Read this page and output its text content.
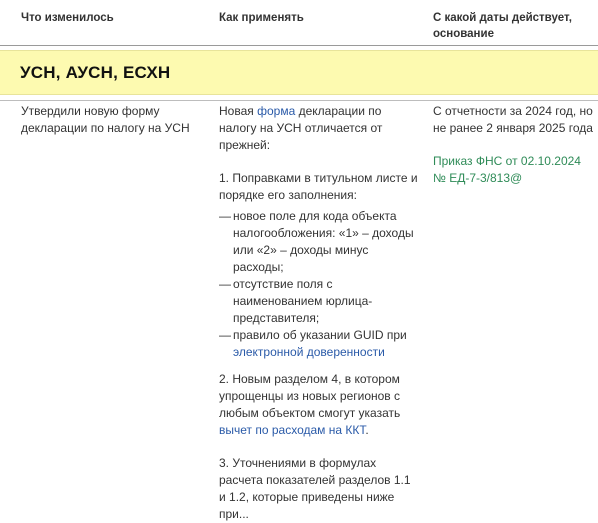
Что изменилось	Как применять	С какой даты действует, основание
УСН, АУСН, ЕСХН

Утвердили новую форму декларации по налогу на УСН

Новая форма декларации по налогу на УСН отличается от прежней:

1. Поправками в титульном листе и порядке его заполнения:

— новое поле для кода объекта налогообложения: «1» – доходы или «2» – доходы минус расходы;
— отсутствие поля с наименованием юрлица-представителя;
— правило об указании GUID при электронной доверенности

2. Новым разделом 4, в котором упрощенцы из новых регионов с любым объектом смогут указать вычет по расходам на ККТ.

3. Уточнениями в формулах расчета показателей разделов 1.1 и 1.2, которые приведены ниже при...

С отчетности за 2024 год, но не ранее 2 января 2025 года

Приказ ФНС от 02.10.2024 № ЕД-7-3/813@
